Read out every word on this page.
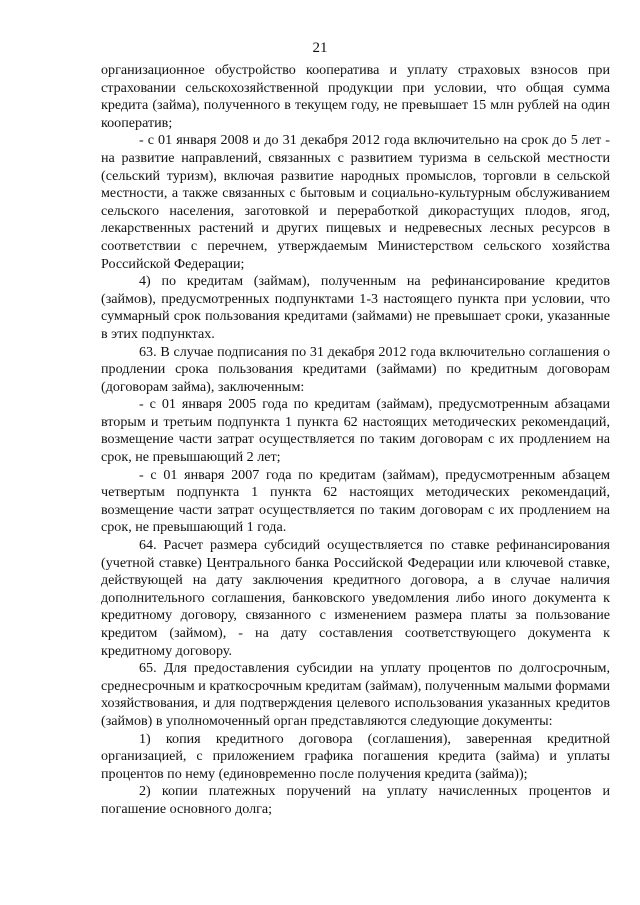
21

организационное обустройство кооператива и уплату страховых взносов при страховании сельскохозяйственной продукции при условии, что общая сумма кредита (займа), полученного в текущем году, не превышает 15 млн рублей на один кооператив;

- с 01 января 2008 и до 31 декабря 2012 года включительно на срок до 5 лет - на развитие направлений, связанных с развитием туризма в сельской местности (сельский туризм), включая развитие народных промыслов, торговли в сельской местности, а также связанных с бытовым и социально-культурным обслуживанием сельского населения, заготовкой и переработкой дикорастущих плодов, ягод, лекарственных растений и других пищевых и недревесных лесных ресурсов в соответствии с перечнем, утверждаемым Министерством сельского хозяйства Российской Федерации;

4) по кредитам (займам), полученным на рефинансирование кредитов (займов), предусмотренных подпунктами 1-3 настоящего пункта при условии, что суммарный срок пользования кредитами (займами) не превышает сроки, указанные в этих подпунктах.

63. В случае подписания по 31 декабря 2012 года включительно соглашения о продлении срока пользования кредитами (займами) по кредитным договорам (договорам займа), заключенным:

- с 01 января 2005 года по кредитам (займам), предусмотренным абзацами вторым и третьим подпункта 1 пункта 62 настоящих методических рекомендаций, возмещение части затрат осуществляется по таким договорам с их продлением на срок, не превышающий 2 лет;

- с 01 января 2007 года по кредитам (займам), предусмотренным абзацем четвертым подпункта 1 пункта 62 настоящих методических рекомендаций, возмещение части затрат осуществляется по таким договорам с их продлением на срок, не превышающий 1 года.

64. Расчет размера субсидий осуществляется по ставке рефинансирования (учетной ставке) Центрального банка Российской Федерации или ключевой ставке, действующей на дату заключения кредитного договора, а в случае наличия дополнительного соглашения, банковского уведомления либо иного документа к кредитному договору, связанного с изменением размера платы за пользование кредитом (займом), - на дату составления соответствующего документа к кредитному договору.

65. Для предоставления субсидии на уплату процентов по долгосрочным, среднесрочным и краткосрочным кредитам (займам), полученным малыми формами хозяйствования, и для подтверждения целевого использования указанных кредитов (займов) в уполномоченный орган представляются следующие документы:

1) копия кредитного договора (соглашения), заверенная кредитной организацией, с приложением графика погашения кредита (займа) и уплаты процентов по нему (единовременно после получения кредита (займа));

2) копии платежных поручений на уплату начисленных процентов и погашение основного долга;
